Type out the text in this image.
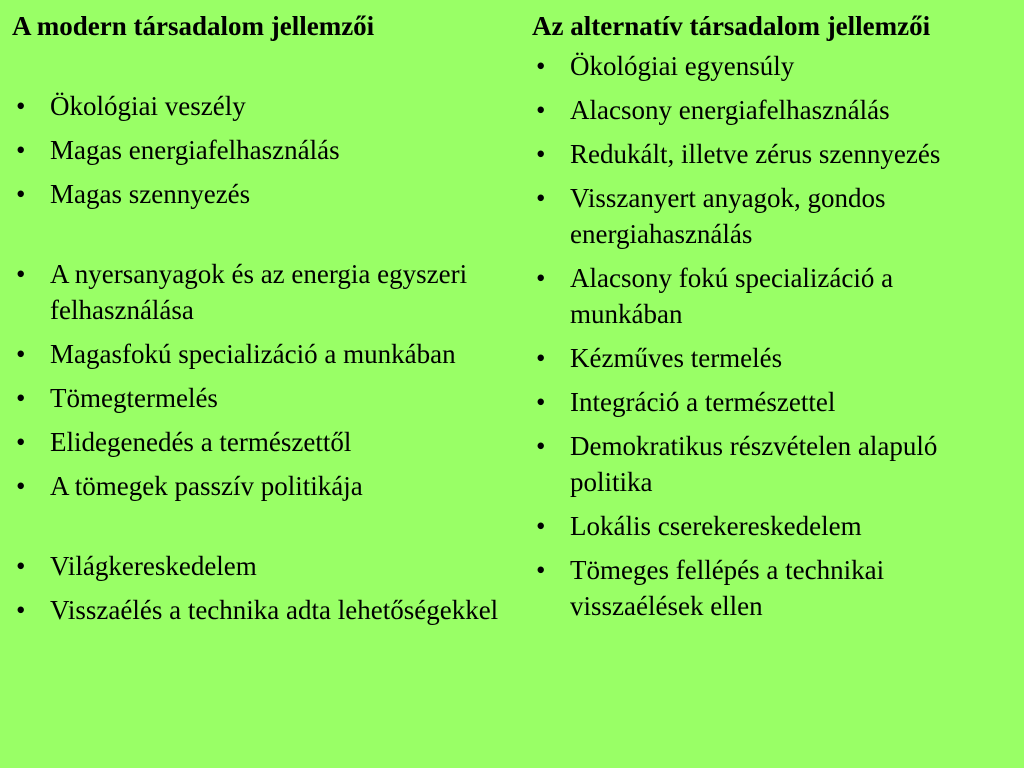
A modern társadalom jellemzői
• Ökológiai veszély
• Magas energiafelhasználás
• Magas szennyezés
• A nyersanyagok és az energia egyszeri felhasználása
• Magasfokú specializáció a munkában
• Tömegtermelés
• Elidegenedés a természettől
• A tömegek passzív politikája
• Világkereskedelem
• Visszaélés a technika adta lehetőségekkel
Az alternatív társadalom jellemzői
• Ökológiai egyensúly
• Alacsony energiafelhasználás
• Redukált, illetve zérus szennyezés
• Visszanyert anyagok, gondos energiahasználás
• Alacsony fokú specializáció a munkában
• Kézműves termelés
• Integráció a természettel
• Demokratikus részvételen alapuló politika
• Lokális cserekereskedelem
• Tömeges fellépés a technikai visszaélések ellen
